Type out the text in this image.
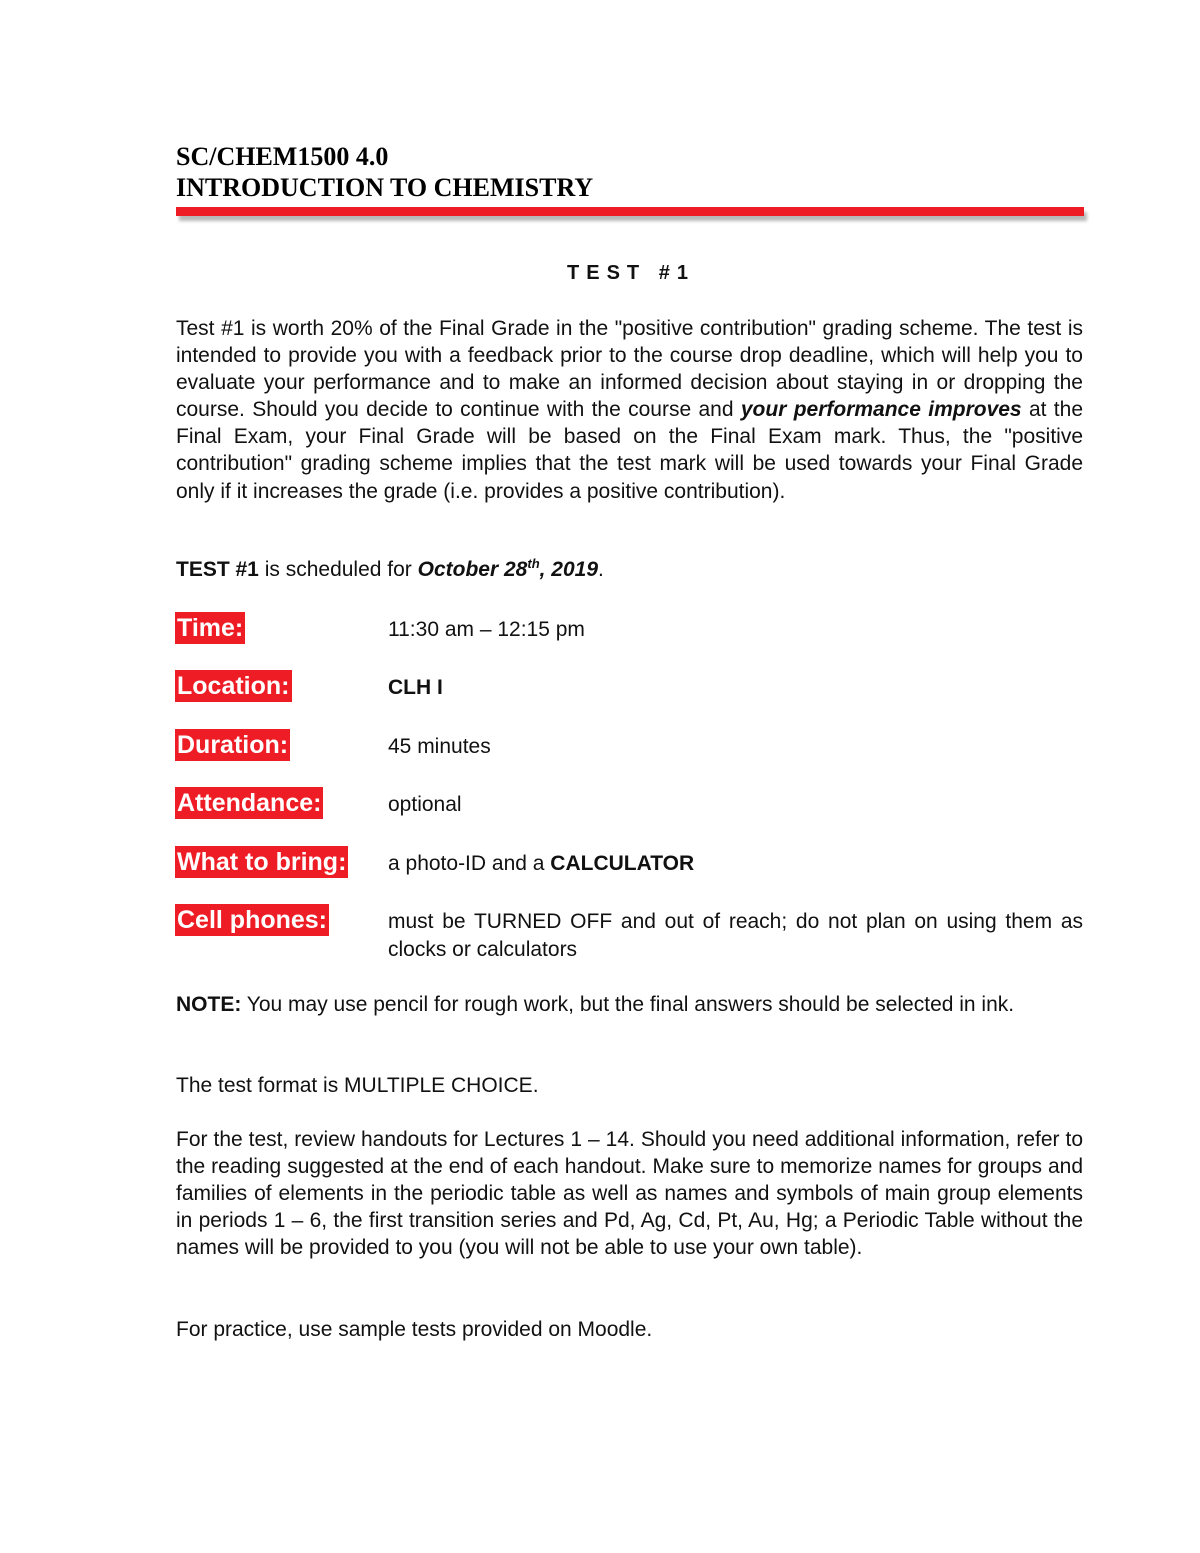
SC/CHEM1500 4.0
INTRODUCTION TO CHEMISTRY
TEST #1
Test #1 is worth 20% of the Final Grade in the "positive contribution" grading scheme. The test is intended to provide you with a feedback prior to the course drop deadline, which will help you to evaluate your performance and to make an informed decision about staying in or dropping the course. Should you decide to continue with the course and your performance improves at the Final Exam, your Final Grade will be based on the Final Exam mark. Thus, the "positive contribution" grading scheme implies that the test mark will be used towards your Final Grade only if it increases the grade (i.e. provides a positive contribution).
TEST #1 is scheduled for October 28th, 2019.
Time:	11:30 am – 12:15 pm
Location:	CLH I
Duration:	45 minutes
Attendance:	optional
What to bring: a photo-ID and a CALCULATOR
Cell phones:	must be TURNED OFF and out of reach; do not plan on using them as clocks or calculators
NOTE: You may use pencil for rough work, but the final answers should be selected in ink.
The test format is MULTIPLE CHOICE.
For the test, review handouts for Lectures 1 – 14. Should you need additional information, refer to the reading suggested at the end of each handout. Make sure to memorize names for groups and families of elements in the periodic table as well as names and symbols of main group elements in periods 1 – 6, the first transition series and Pd, Ag, Cd, Pt, Au, Hg; a Periodic Table without the names will be provided to you (you will not be able to use your own table).
For practice, use sample tests provided on Moodle.
